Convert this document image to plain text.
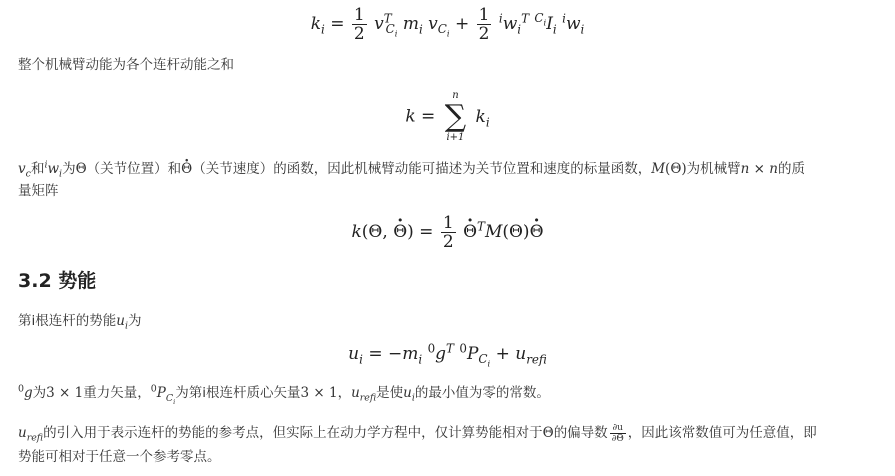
$k_i = \frac{1}{2} v^T_{C_i}$ $m_i$ $v_{C_i} + \frac{1}{2} ^iw_i^T$ $^{C_i}I_i$ $^iw_i$
整个机械臂动能为各个连杆动能之和
k =
n
∑
i+1
$k_i$
$v_c$和$^iw_i$为Θ（关节位置）和Θ ·（关节速度）的函数，因此机械臂动能可描述为关节位置和速度的标量函数，M(Θ)为机械臂n × n的质
量矩阵
k(Θ, Θ ·) = $\frac{1}{2}$ Θ ·$^T$M(Θ)Θ ·
3.2 势能
第i根连杆的势能$u_i$为
$u_i = -m_i$ $^0g^T$ $^0P_{C_i} + u_{refi}$
$^0$g为3 × 1重力矢量，$^0P_{C_i}$为第i根连杆质心矢量3 × 1，$u_{refi}$是使$u_i$的最小值为零的常数。
$u_{refi}$的引入用于表示连杆的势能的参考点，但实际上在动力学方程中，仅计算势能相对于Θ的偏导数 $\frac{\partial u}{\partial\Theta}$ ，因此该常数值可为任意值，即
势能可相对于任意一个参考零点。
